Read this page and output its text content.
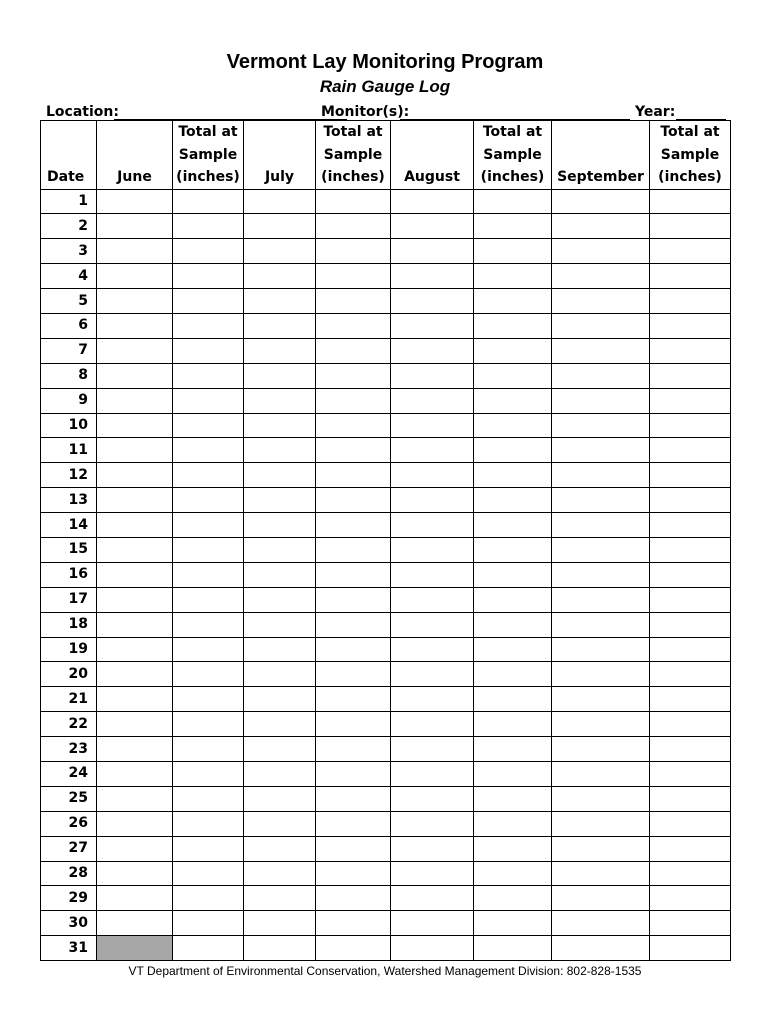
Vermont Lay Monitoring Program
Rain Gauge Log
Location:	Monitor(s):	Year:
Date	June	Total at Sample (inches)	July	Total at Sample (inches)	August	Total at Sample (inches)	September	Total at Sample (inches)
1								
2								
3								
4								
5								
6								
7								
8								
9								
10								
11								
12								
13								
14								
15								
16								
17								
18								
19								
20								
21								
22								
23								
24								
25								
26								
27								
28								
29								
30								
31								
VT Department of Environmental Conservation, Watershed Management Division: 802-828-1535
